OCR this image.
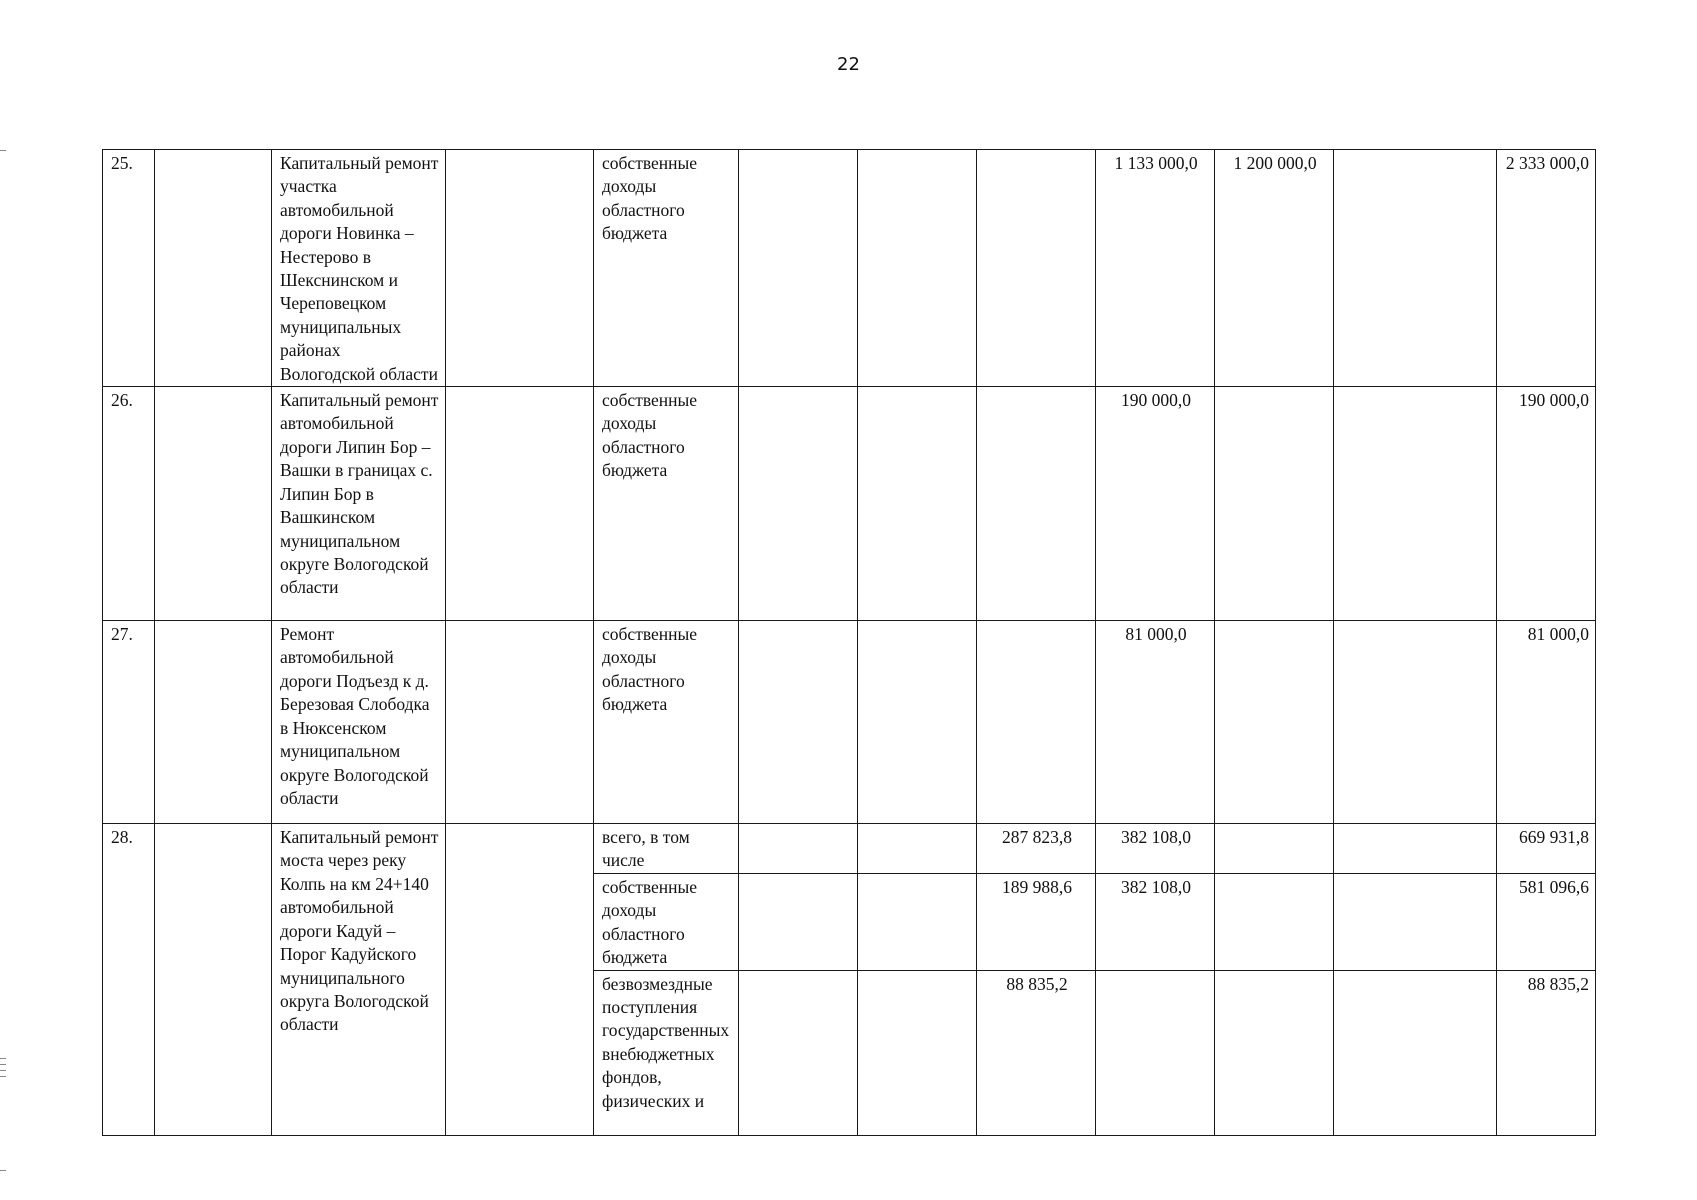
22
25.		Капитальный ремонт участка автомобильной дороги Новинка – Нестерово в Шекснинском и Череповецком муниципальных районах Вологодской области		собственные доходы областного бюджета				1 133 000,0	1 200 000,0		2 333 000,0
26.		Капитальный ремонт автомобильной дороги Липин Бор – Вашки в границах с. Липин Бор в Вашкинском муниципальном округе Вологодской области		собственные доходы областного бюджета				190 000,0			190 000,0
27.		Ремонт автомобильной дороги Подъезд к д. Березовая Слободка в Нюксенском муниципальном округе Вологодской области		собственные доходы областного бюджета				81 000,0			81 000,0
28.		Капитальный ремонт моста через реку Колпь на км 24+140 автомобильной дороги Кадуй – Порог Кадуйского муниципального округа Вологодской области		всего, в том числе			287 823,8	382 108,0			669 931,8
				собственные доходы областного бюджета			189 988,6	382 108,0			581 096,6
				безвозмездные поступления государственных внебюджетных фондов, физических и			88 835,2				88 835,2
